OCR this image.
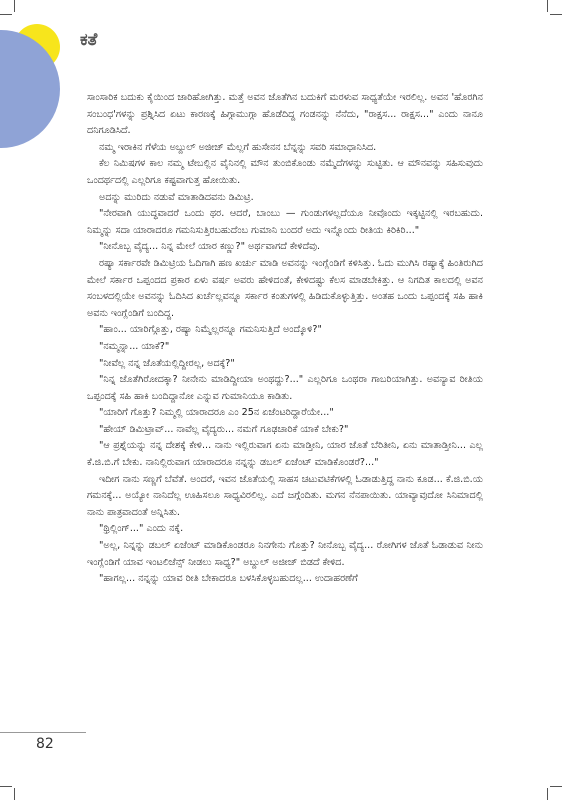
ಕತೆ

ಸಾಂಸಾರಿಕ ಬದುಕು ಕೈಯಿಂದ ಜಾರಿಹೋಗಿತ್ತು. ಮತ್ತೆ ಅವನ ಜೊತೆಗಿನ ಬದುಕಿಗೆ ಮರಳುವ ಸಾಧ್ಯತೆಯೇ ಇರಲಿಲ್ಲ. ಅವನ 'ಹೊರಗಿನ ಸಂಬಂಧ'ಗಳನ್ನು ಪ್ರಶ್ನಿಸಿದ ಏಟು ಕಾರಣಕ್ಕೆ ಹಿಗ್ಗಾಮುಗ್ಗಾ ಹೊಡೆದಿದ್ದ ಗಂಡನನ್ನು ನೆನೆದು, "ರಾಕ್ಷಸ... ರಾಕ್ಷಸ..." ಎಂದು ನಾನೂ ದನಿಗೂಡಿಸಿದೆ.

ನಮ್ಮ ಇರಾಕಿನ ಗೆಳೆಯ ಅಬ್ದುಲ್ ಅಜೀಜ್ ಮೆಲ್ಲಗೆ ಹುಸೇನನ ಬೆನ್ನನ್ನು ಸವರಿ ಸಮಾಧಾನಿಸಿದ.

ಕೆಲ ನಿಮಿಷಗಳ ಕಾಲ ನಮ್ಮ ಟೇಬಲ್ಲಿನ ವೈನಿನಲ್ಲಿ ಮೌನ ತುಂಬಿಕೊಂಡು ನಮ್ಮೆದೆಗಳನ್ನು ಸುಟ್ಟಿತು. ಆ ಮೌನವನ್ನು ಸಹಿಸುವುದು ಒಂದರ್ಥದಲ್ಲಿ ಎಲ್ಲರಿಗೂ ಕಷ್ಟವಾಗುತ್ತ ಹೋಯಿತು.

ಅದನ್ನು ಮುರಿದು ನಡುವೆ ಮಾತಾಡಿದವನು ಡಿಮಿಟ್ರಿ.

"ನೇರವಾಗಿ ಯುದ್ಧವಾದರೆ ಒಂದು ಥರ. ಆದರೆ, ಬಾಂಬು — ಗುಂಡುಗಳಲ್ಲದೆಯೂ ನೀವೊಂದು ಇಕ್ಕಟ್ಟಿನಲ್ಲಿ ಇರಬಹುದು. ನಿಮ್ಮನ್ನು ಸದಾ ಯಾರಾದರೂ ಗಮನಿಸುತ್ತಿರಬಹುದೆಂಬ ಗುಮಾನಿ ಬಂದರೆ ಅದು ಇನ್ನೊಂದು ರೀತಿಯ ಕಿರಿಕಿರಿ..."

"ನೀನೊಬ್ಬ ವೈದ್ಯ... ನಿನ್ನ ಮೇಲೆ ಯಾರ ಕಣ್ಣು?" ಅರ್ಥವಾಗದೆ ಕೇಳಿದೆವು.

ರಷ್ಯಾ ಸರ್ಕಾರವೇ ಡಿಮಿಟ್ರಿಯ ಓದಿಗಾಗಿ ಹಣ ಖರ್ಚು ಮಾಡಿ ಅವನನ್ನು ಇಂಗ್ಲೆಂಡಿಗೆ ಕಳಿಸಿತ್ತು. ಓದು ಮುಗಿಸಿ ರಷ್ಯಾಕ್ಕೆ ಹಿಂತಿರುಗಿದ ಮೇಲೆ ಸರ್ಕಾರ ಒಪ್ಪಂದದ ಪ್ರಕಾರ ಏಳು ವರ್ಷ ಅವರು ಹೇಳಿದಂತೆ, ಕೇಳಿದಷ್ಟು ಕೆಲಸ ಮಾಡಬೇಕಿತ್ತು. ಆ ನಿಗದಿತ ಕಾಲದಲ್ಲಿ ಅವನ ಸಂಬಳದಲ್ಲಿಯೇ ಅವನನ್ನು ಓದಿಸಿದ ಖರ್ಚೆಲ್ಲವನ್ನೂ ಸರ್ಕಾರ ಕಂತುಗಳಲ್ಲಿ ಹಿಡಿದುಕೊಳ್ಳುತ್ತಿತ್ತು. ಅಂತಹ ಒಂದು ಒಪ್ಪಂದಕ್ಕೆ ಸಹಿ ಹಾಕಿ ಅವನು ಇಂಗ್ಲೆಂಡಿಗೆ ಬಂದಿದ್ದ.

"ಹಾಂ... ಯಾರಿಗ್ಗೊತ್ತು, ರಷ್ಯಾ ನಿಮ್ಮೆಲ್ಲರನ್ನೂ ಗಮನಿಸುತ್ತಿದೆ ಅಂದ್ಕೊಳಿ?"

"ನಮ್ಮನ್ನಾ... ಯಾಕೆ?"

"ನೀವೆಲ್ಲ ನನ್ನ ಜೊತೆಯಲ್ಲಿದ್ದೀರಲ್ಲ, ಅದಕ್ಕೆ?"

"ನಿನ್ನ ಜೊತೆಗಿರೋದಕ್ಕಾ? ನೀನೇನು ಮಾಡಿದ್ದೀಯಾ ಅಂಥದ್ದು?..." ಎಲ್ಲರಿಗೂ ಒಂಥರಾ ಗಾಬರಿಯಾಗಿತ್ತು. ಅವನ್ಯಾವ ರೀತಿಯ ಒಪ್ಪಂದಕ್ಕೆ ಸಹಿ ಹಾಕಿ ಬಂದಿದ್ದಾನೋ ಎನ್ನುವ ಗುಮಾನಿಯೂ ಕಾಡಿತು.

"ಯಾರಿಗೆ ಗೊತ್ತು? ನಿಮ್ಮಲ್ಲಿ ಯಾರಾದರೂ ಎಂ 25ನ ಏಜೆಂಟರಿದ್ದಾರೆಯೇ..."

"ಹೇಯ್ ಡಿಮಿಟ್ರಾವ್... ನಾವೆಲ್ಲ ವೈದ್ಯರು... ನಮಗೆ ಗೂಢಚಾರಿಕೆ ಯಾಕೆ ಬೇಕು?"

"ಆ ಪ್ರಶ್ನೆಯನ್ನು ನನ್ನ ದೇಶಕ್ಕೆ ಕೇಳಿ... ನಾನು ಇಲ್ಲಿರುವಾಗ ಏನು ಮಾಡ್ತೀನಿ, ಯಾರ ಜೊತೆ ಬೆರಿತೀನಿ, ಏನು ಮಾತಾಡ್ತೀನಿ... ಎಲ್ಲ ಕೆ.ಜಿ.ಬಿ.ಗೆ ಬೇಕು. ನಾನಿಲ್ಲಿರುವಾಗ ಯಾರಾದರೂ ನನ್ನನ್ನು ಡಬಲ್ ಏಜೆಂಟ್ ಮಾಡಿಕೊಂಡರೆ?..."

ಇದೀಗ ನಾನು ಸಣ್ಣಗೆ ಬೆವೆತೆ. ಅಂದರೆ, ಇವನ ಜೊತೆಯಲ್ಲಿ ಸಾಹಸ ಚಟುವಟಿಕೆಗಳಲ್ಲಿ ಓಡಾಡುತ್ತಿದ್ದ ನಾನು ಕೂಡ... ಕೆ.ಜಿ.ಬಿ.ಯ ಗಮನಕ್ಕೆ... ಅಯ್ಯೋ ನಾನಿದೆಲ್ಲ ಊಹಿಸಲೂ ಸಾಧ್ಯವಿರಲಿಲ್ಲ. ಎದೆ ಜಗ್ಗೆಂದಿತು. ಮಗನ ನೆನಪಾಯಿತು. ಯಾವ್ಯಾವುದೋ ಸಿನಿಮಾದಲ್ಲಿ ನಾನು ಪಾತ್ರವಾದಂತೆ ಅನ್ನಿಸಿತು.

"ಥ್ರಿಲ್ಲಿಂಗ್..." ಎಂದು ನಕ್ಕೆ.

"ಅಲ್ಲ, ನಿನ್ನನ್ನು ಡಬಲ್ ಏಜೆಂಟ್ ಮಾಡಿಕೊಂಡರೂ ನಿನಗೇನು ಗೊತ್ತು? ನೀನೊಬ್ಬ ವೈದ್ಯ... ರೋಗಿಗಳ ಜೊತೆ ಓಡಾಡುವ ನೀನು ಇಂಗ್ಲೆಂಡಿಗೆ ಯಾವ ಇಂಟಲಿಜೆನ್ಸ್ ನೀಡಲು ಸಾಧ್ಯ?" ಅಬ್ದುಲ್ ಅಜೀಜ್ ಬಿಡದೆ ಕೇಳಿದ.

"ಹಾಗಲ್ಲ... ನನ್ನನ್ನು ಯಾವ ರೀತಿ ಬೇಕಾದರೂ ಬಳಸಿಕೊಳ್ಳಬಹುದಲ್ಲ... ಉದಾಹರಣೆಗೆ

82
